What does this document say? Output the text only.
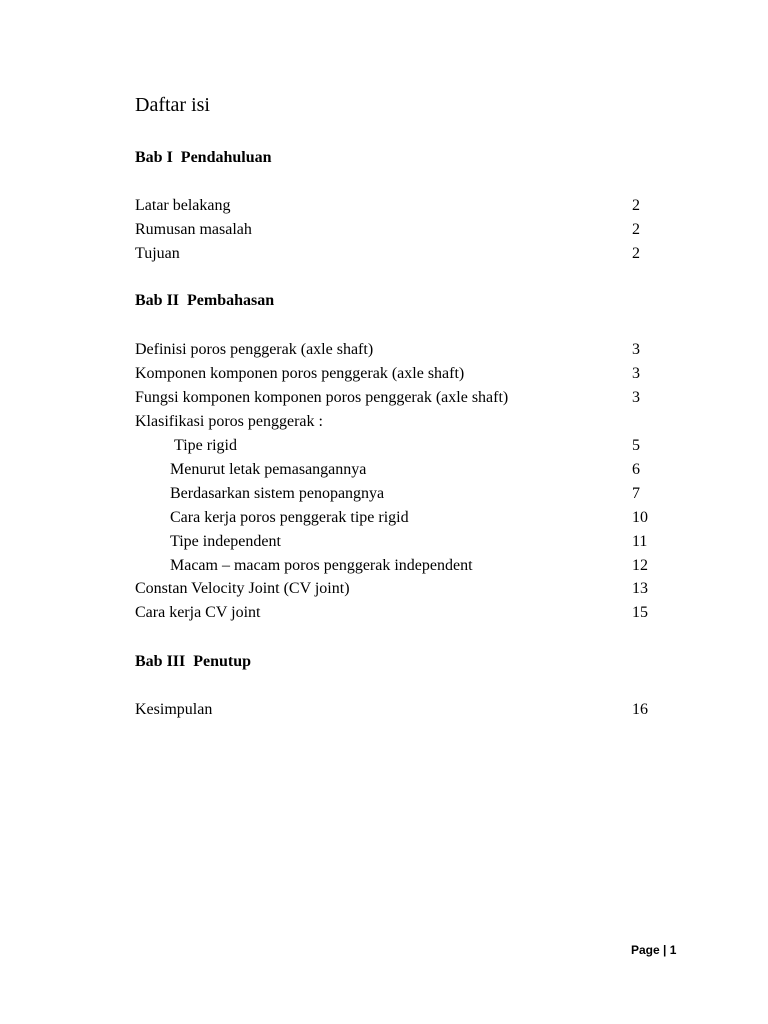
Daftar isi
Bab I  Pendahuluan
Latar belakang	2
Rumusan masalah	2
Tujuan	2
Bab II  Pembahasan
Definisi poros penggerak (axle shaft)	3
Komponen komponen poros penggerak (axle shaft)	3
Fungsi komponen komponen poros penggerak (axle shaft)	3
Klasifikasi poros penggerak :
Tipe rigid	5
Menurut letak pemasangannya	6
Berdasarkan sistem penopangnya	7
Cara kerja poros penggerak tipe rigid	10
Tipe independent	11
Macam – macam poros penggerak independent	12
Constan Velocity Joint (CV joint)	13
Cara kerja CV joint	15
Bab III  Penutup
Kesimpulan	16
Page | 1
